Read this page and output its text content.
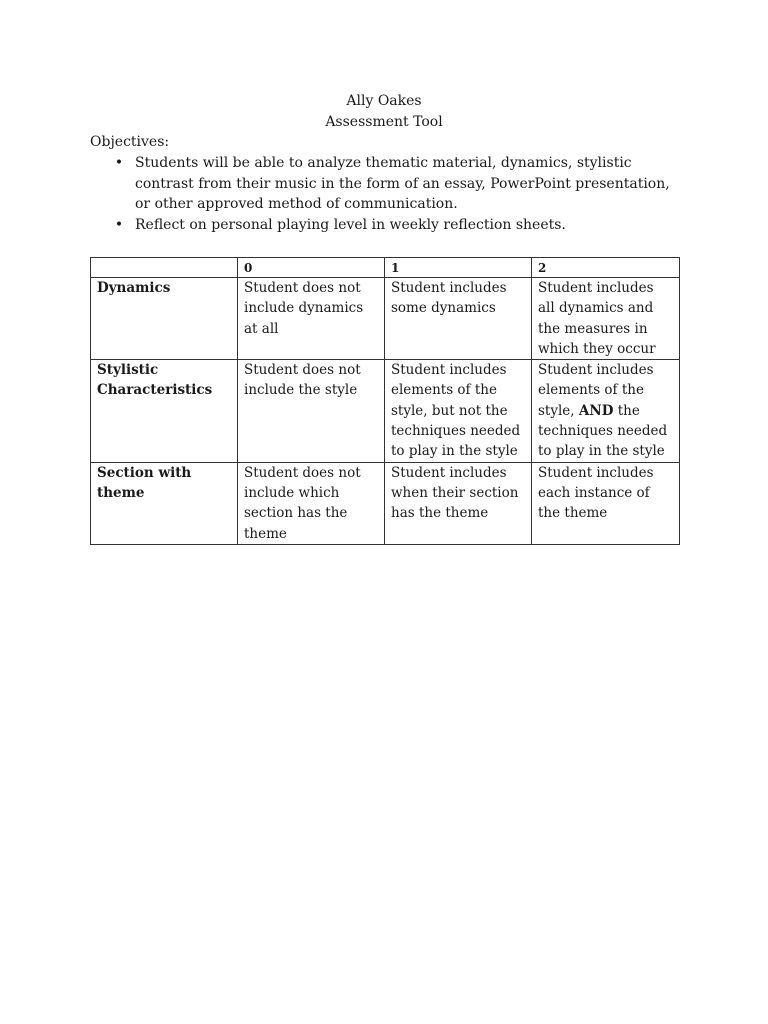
Ally Oakes
Assessment Tool
Objectives:
• Students will be able to analyze thematic material, dynamics, stylistic contrast from their music in the form of an essay, PowerPoint presentation, or other approved method of communication.
• Reflect on personal playing level in weekly reflection sheets.
	0	1	2
Dynamics	Student does not include dynamics at all	Student includes some dynamics	Student includes all dynamics and the measures in which they occur
Stylistic Characteristics	Student does not include the style	Student includes elements of the style, but not the techniques needed to play in the style	Student includes elements of the style, AND the techniques needed to play in the style
Section with theme	Student does not include which section has the theme	Student includes when their section has the theme	Student includes each instance of the theme
